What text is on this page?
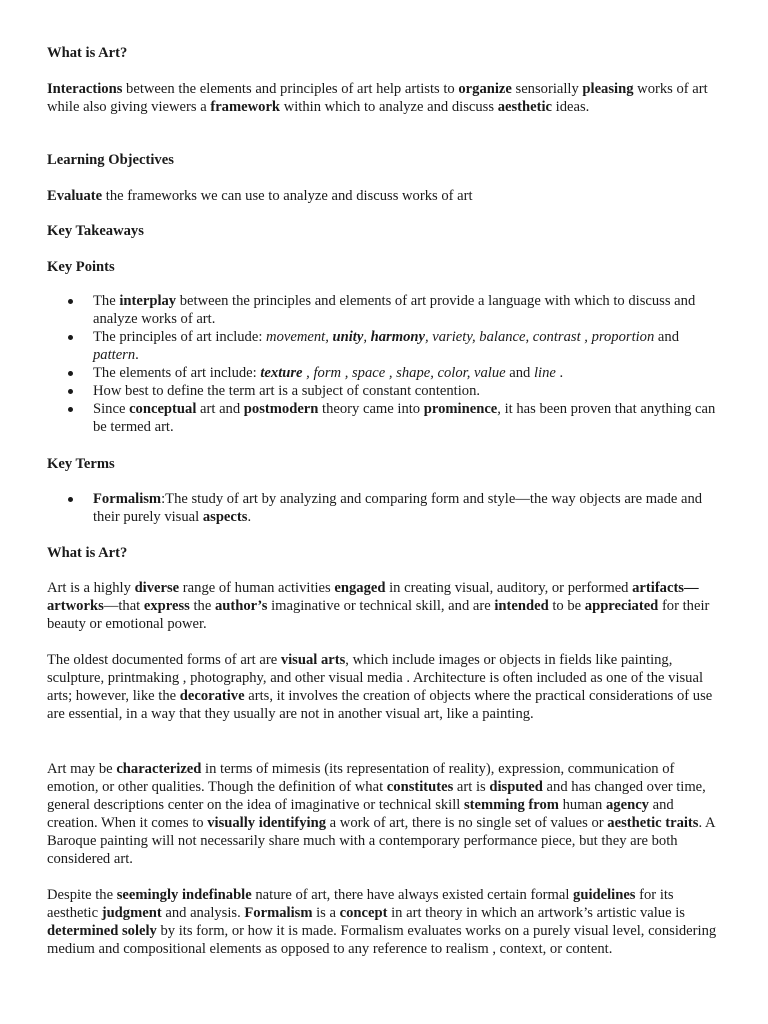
What is Art?

Interactions between the elements and principles of art help artists to organize sensorially pleasing works of art while also giving viewers a framework within which to analyze and discuss aesthetic ideas.

Learning Objectives

Evaluate the frameworks we can use to analyze and discuss works of art

Key Takeaways

Key Points

The interplay between the principles and elements of art provide a language with which to discuss and analyze works of art.
The principles of art include: movement, unity, harmony, variety, balance, contrast , proportion and pattern.
The elements of art include: texture , form , space , shape, color, value and line .
How best to define the term art is a subject of constant contention.
Since conceptual art and postmodern theory came into prominence, it has been proven that anything can be termed art.

Key Terms

Formalism:The study of art by analyzing and comparing form and style—the way objects are made and their purely visual aspects.

What is Art?

Art is a highly diverse range of human activities engaged in creating visual, auditory, or performed artifacts— artworks—that express the author’s imaginative or technical skill, and are intended to be appreciated for their beauty or emotional power.

The oldest documented forms of art are visual arts, which include images or objects in fields like painting, sculpture, printmaking , photography, and other visual media . Architecture is often included as one of the visual arts; however, like the decorative arts, it involves the creation of objects where the practical considerations of use are essential, in a way that they usually are not in another visual art, like a painting.

Art may be characterized in terms of mimesis (its representation of reality), expression, communication of emotion, or other qualities. Though the definition of what constitutes art is disputed and has changed over time, general descriptions center on the idea of imaginative or technical skill stemming from human agency and creation. When it comes to visually identifying a work of art, there is no single set of values or aesthetic traits. A Baroque painting will not necessarily share much with a contemporary performance piece, but they are both considered art.

Despite the seemingly indefinable nature of art, there have always existed certain formal guidelines for its aesthetic judgment and analysis. Formalism is a concept in art theory in which an artwork’s artistic value is determined solely by its form, or how it is made. Formalism evaluates works on a purely visual level, considering medium and compositional elements as opposed to any reference to realism , context, or content.
